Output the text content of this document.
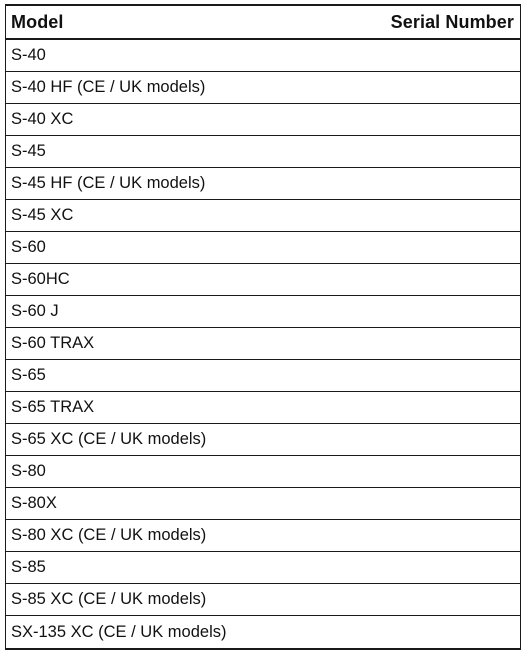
Model	Serial Number
S-40
S-40 HF (CE / UK models)
S-40 XC
S-45
S-45 HF (CE / UK models)
S-45 XC
S-60
S-60HC
S-60 J
S-60 TRAX
S-65
S-65 TRAX
S-65 XC (CE / UK models)
S-80
S-80X
S-80 XC (CE / UK models)
S-85
S-85 XC (CE / UK models)
SX-135 XC (CE / UK models)
